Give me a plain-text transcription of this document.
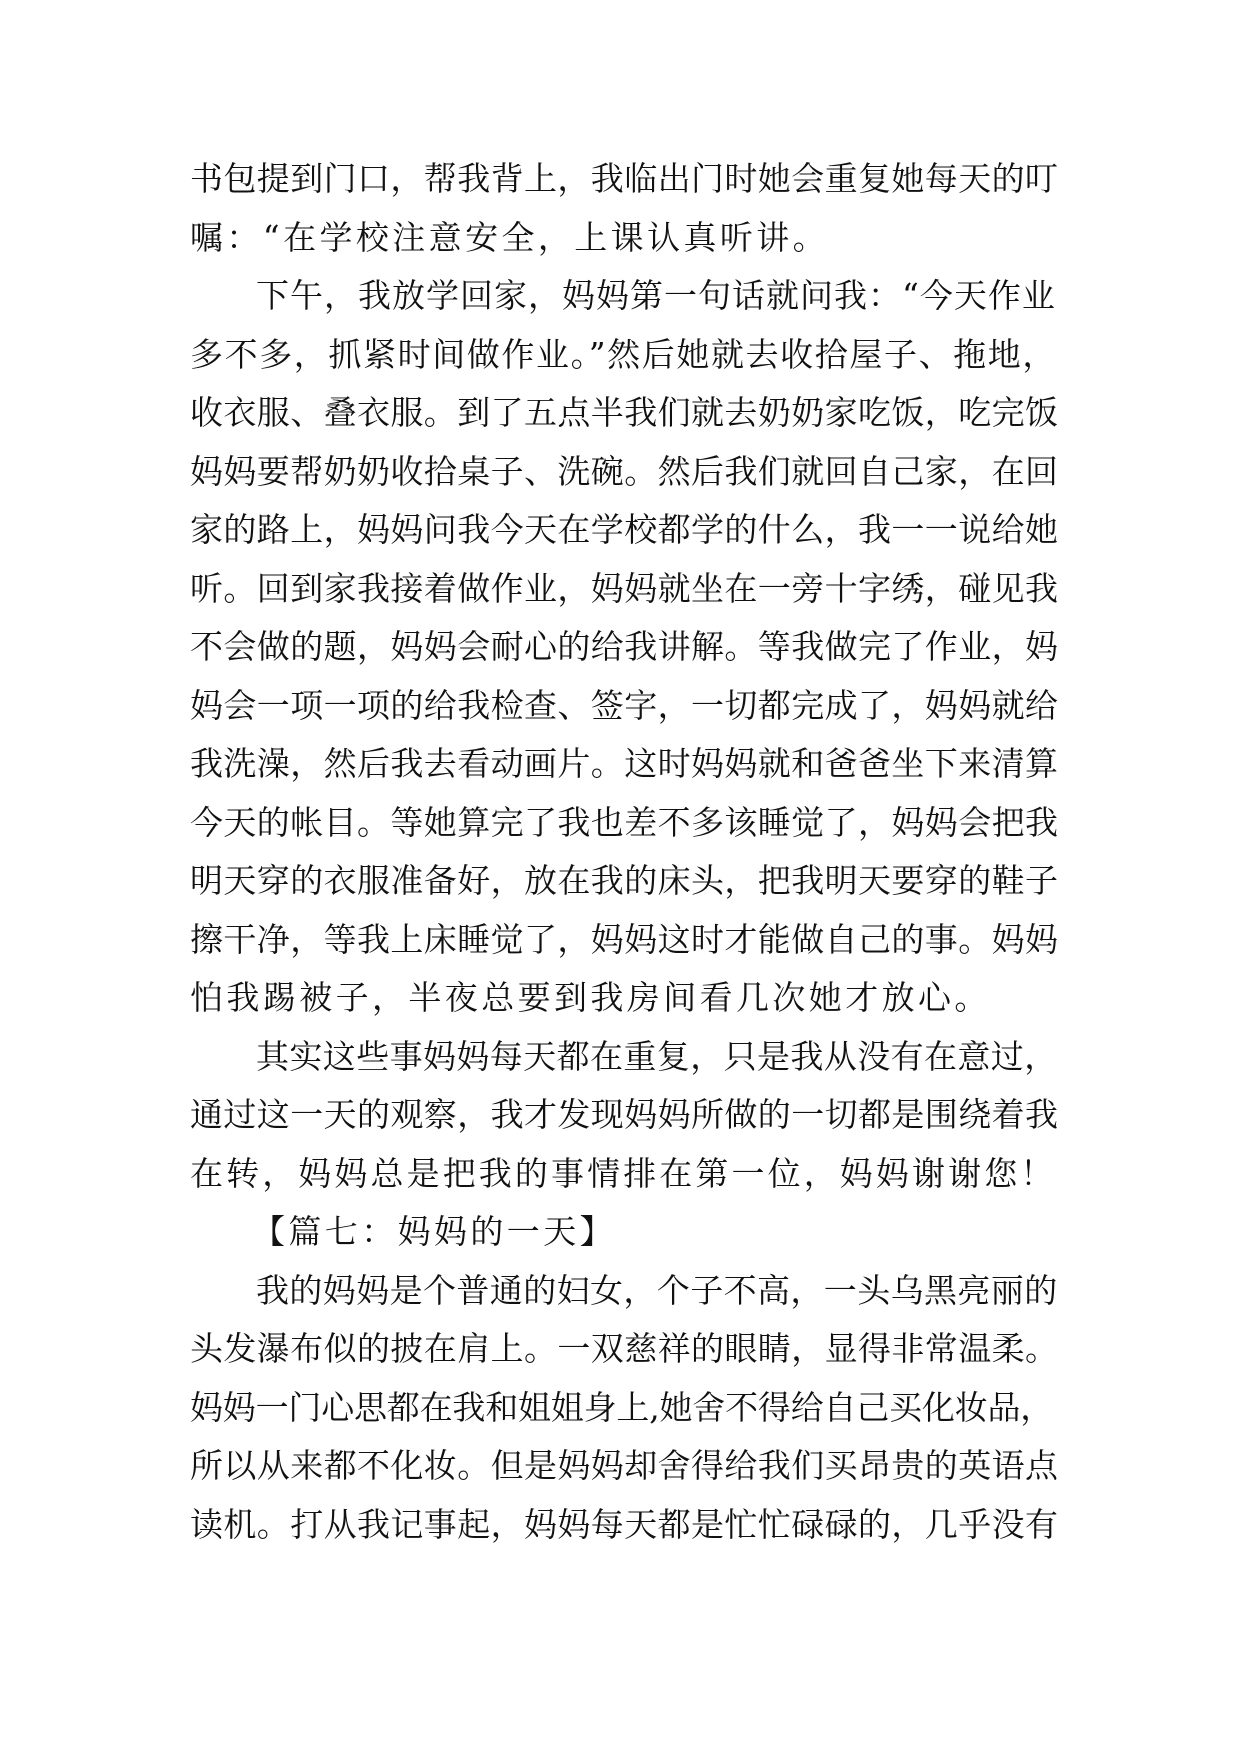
书包提到门口，帮我背上，我临出门时她会重复她每天的叮
嘱：“在学校注意安全，上课认真听讲。
下午，我放学回家，妈妈第一句话就问我：“今天作业
多不多，抓紧时间做作业。”然后她就去收拾屋子、拖地，
收衣服、叠衣服。到了五点半我们就去奶奶家吃饭，吃完饭
妈妈要帮奶奶收拾桌子、洗碗。然后我们就回自己家，在回
家的路上，妈妈问我今天在学校都学的什么，我一一说给她
听。回到家我接着做作业，妈妈就坐在一旁十字绣，碰见我
不会做的题，妈妈会耐心的给我讲解。等我做完了作业，妈
妈会一项一项的给我检查、签字，一切都完成了，妈妈就给
我洗澡，然后我去看动画片。这时妈妈就和爸爸坐下来清算
今天的帐目。等她算完了我也差不多该睡觉了，妈妈会把我
明天穿的衣服准备好，放在我的床头，把我明天要穿的鞋子
擦干净，等我上床睡觉了，妈妈这时才能做自己的事。妈妈
怕我踢被子，半夜总要到我房间看几次她才放心。
其实这些事妈妈每天都在重复，只是我从没有在意过，
通过这一天的观察，我才发现妈妈所做的一切都是围绕着我
在转，妈妈总是把我的事情排在第一位，妈妈谢谢您！
【篇七：妈妈的一天】
我的妈妈是个普通的妇女，个子不高，一头乌黑亮丽的
头发瀑布似的披在肩上。一双慈祥的眼睛，显得非常温柔。
妈妈一门心思都在我和姐姐身上,她舍不得给自己买化妆品，
所以从来都不化妆。但是妈妈却舍得给我们买昂贵的英语点
读机。打从我记事起，妈妈每天都是忙忙碌碌的，几乎没有
